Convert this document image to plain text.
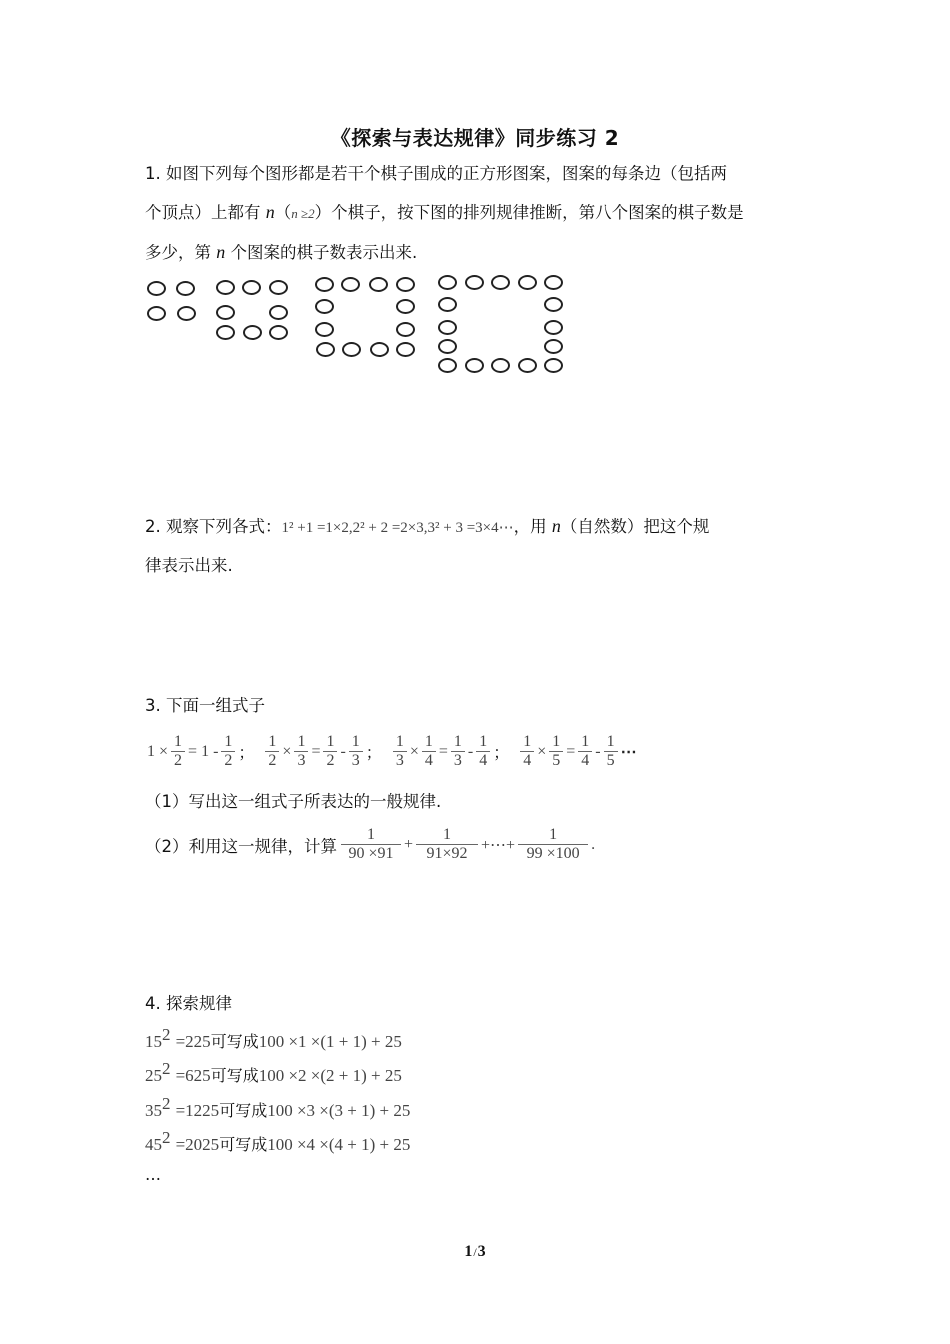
《探索与表达规律》同步练习 2
1. 如图下列每个图形都是若干个棋子围成的正方形图案，图案的每条边（包括两
个顶点）上都有 n（n ≥2）个棋子，按下图的排列规律推断，第八个图案的棋子数是
多少，第 n 个图案的棋子数表示出来.
2. 观察下列各式：1² +1 =1×2,2² + 2 =2×3,3² + 3 =3×4⋯，用 n（自然数）把这个规
律表示出来.
3. 下面一组式子
$1 \times \frac{1}{2} = 1 - \frac{1}{2}$ ； $\frac{1}{2} \times \frac{1}{3} = \frac{1}{2} - \frac{1}{3}$ ； $\frac{1}{3} \times \frac{1}{4} = \frac{1}{3} - \frac{1}{4}$ ； $\frac{1}{4} \times \frac{1}{5} = \frac{1}{4} - \frac{1}{5}$ ⋯
（1）写出这一组式子所表达的一般规律.
（2）利用这一规律，计算 $\frac{1}{90 \times 91} + \frac{1}{91\times 92}$ +⋯+ $\frac{1}{99 \times 100}$ .
4. 探索规律
$15^2 =225$可写成100 ×1 ×(1 + 1) + 25
$25^2 =625$可写成100 ×2 ×(2 + 1) + 25
$35^2 =1225$可写成100 ×3 ×(3 + 1) + 25
$45^2 =2025$可写成100 ×4 ×(4 + 1) + 25
…
1/3
